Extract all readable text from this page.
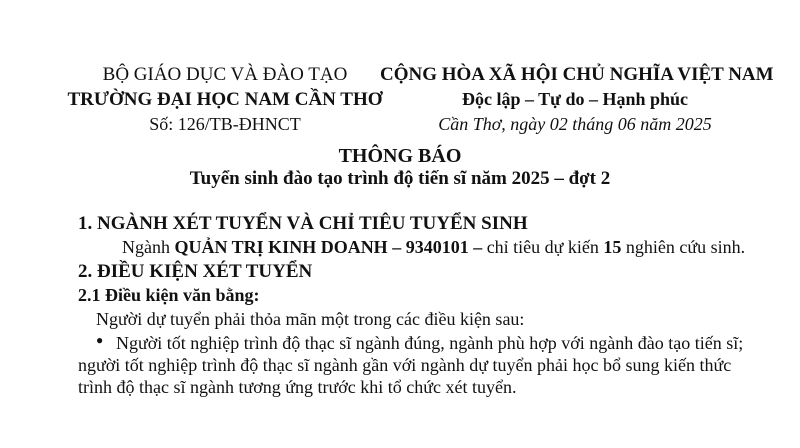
BỘ GIÁO DỤC VÀ ĐÀO TẠO
TRƯỜNG ĐẠI HỌC NAM CẦN THƠ
Số: 126/TB-ĐHNCT
CỘNG HÒA XÃ HỘI CHỦ NGHĨA VIỆT NAM
Độc lập – Tự do – Hạnh phúc
Cần Thơ, ngày 02 tháng 06 năm 2025
THÔNG BÁO
Tuyển sinh đào tạo trình độ tiến sĩ năm 2025 – đợt 2
1. NGÀNH XÉT TUYỂN VÀ CHỈ TIÊU TUYỂN SINH
Ngành QUẢN TRỊ KINH DOANH – 9340101 – chỉ tiêu dự kiến 15 nghiên cứu sinh.
2. ĐIỀU KIỆN XÉT TUYỂN
2.1 Điều kiện văn bằng:
Người dự tuyển phải thỏa mãn một trong các điều kiện sau:
● Người tốt nghiệp trình độ thạc sĩ ngành đúng, ngành phù hợp với ngành đào tạo tiến sĩ;
người tốt nghiệp trình độ thạc sĩ ngành gần với ngành dự tuyển phải học bổ sung kiến thức
trình độ thạc sĩ ngành tương ứng trước khi tổ chức xét tuyển.
